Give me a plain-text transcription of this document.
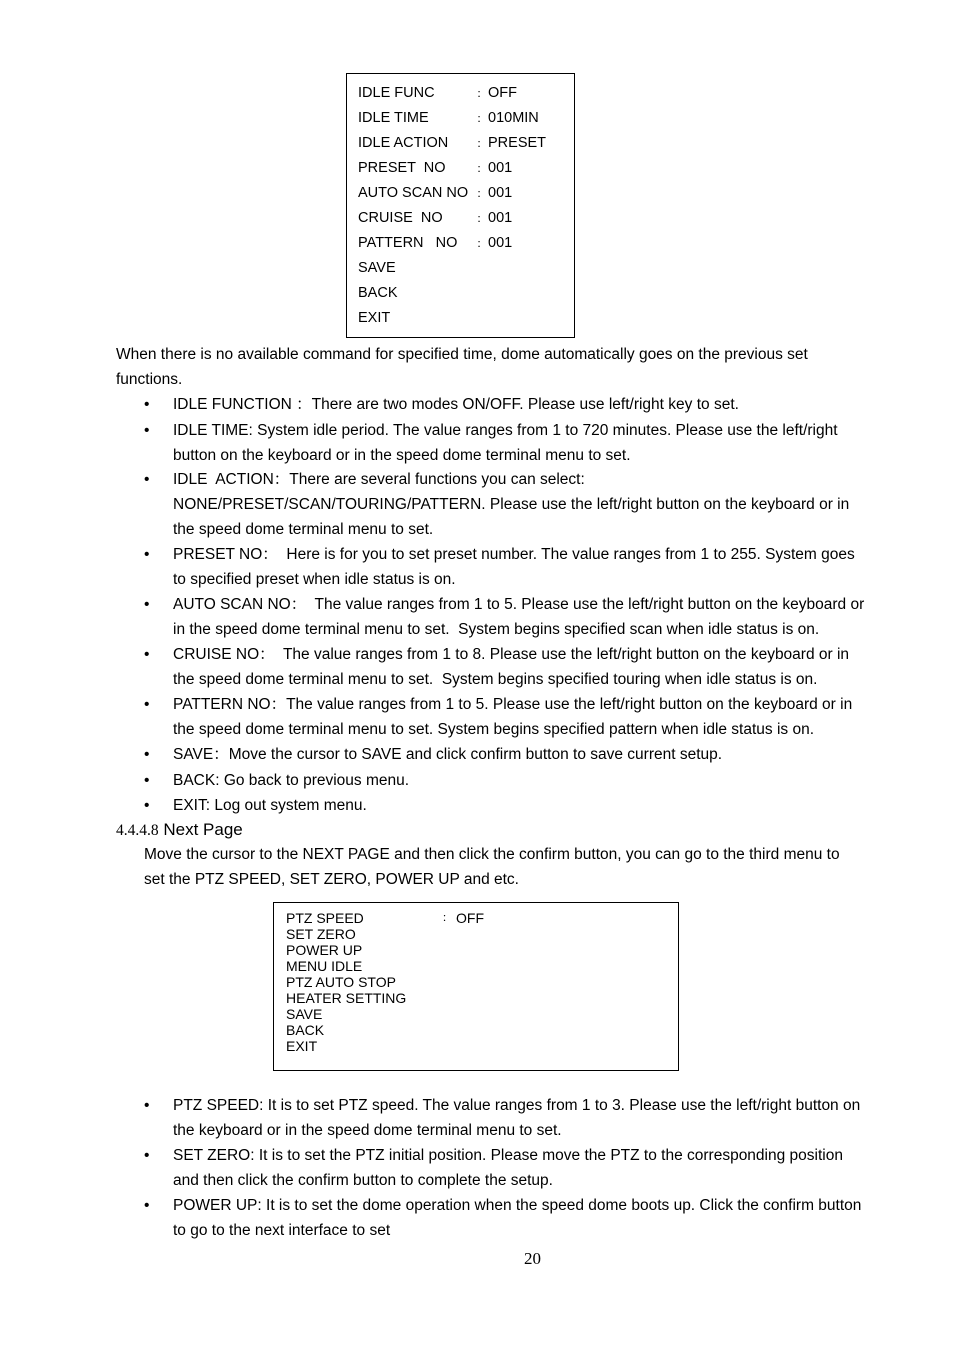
IDLE FUNC	：OFF
IDLE TIME	：010MIN
IDLE ACTION	：PRESET
PRESET  NO	：001
AUTO SCAN NO ：001
CRUISE  NO	：001
PATTERN   NO ：001
SAVE
BACK
EXIT
When there is no available command for specified time, dome automatically goes on the previous set
functions.
• IDLE FUNCTION ：There are two modes ON/OFF. Please use left/right key to set.
• IDLE TIME: System idle period. The value ranges from 1 to 720 minutes. Please use the left/right
button on the keyboard or in the speed dome terminal menu to set.
• IDLE  ACTION：There are several functions you can select:
NONE/PRESET/SCAN/TOURING/PATTERN. Please use the left/right button on the keyboard or in
the speed dome terminal menu to set.
• PRESET NO：  Here is for you to set preset number. The value ranges from 1 to 255. System goes
to specified preset when idle status is on.
• AUTO SCAN NO：  The value ranges from 1 to 5. Please use the left/right button on the keyboard or
in the speed dome terminal menu to set.  System begins specified scan when idle status is on.
• CRUISE NO：  The value ranges from 1 to 8. Please use the left/right button on the keyboard or in
the speed dome terminal menu to set.  System begins specified touring when idle status is on.
• PATTERN NO：The value ranges from 1 to 5. Please use the left/right button on the keyboard or in
the speed dome terminal menu to set. System begins specified pattern when idle status is on.
• SAVE：Move the cursor to SAVE and click confirm button to save current setup.
• BACK: Go back to previous menu.
• EXIT: Log out system menu.
4.4.4.8 Next Page
Move the cursor to the NEXT PAGE and then click the confirm button, you can go to the third menu to
set the PTZ SPEED, SET ZERO, POWER UP and etc.
PTZ SPEED	： OFF
SET ZERO
POWER UP
MENU IDLE
PTZ AUTO STOP
HEATER SETTING
SAVE
BACK
EXIT
• PTZ SPEED: It is to set PTZ speed. The value ranges from 1 to 3. Please use the left/right button on
the keyboard or in the speed dome terminal menu to set.
• SET ZERO: It is to set the PTZ initial position. Please move the PTZ to the corresponding position
and then click the confirm button to complete the setup.
• POWER UP: It is to set the dome operation when the speed dome boots up. Click the confirm button
to go to the next interface to set
20
